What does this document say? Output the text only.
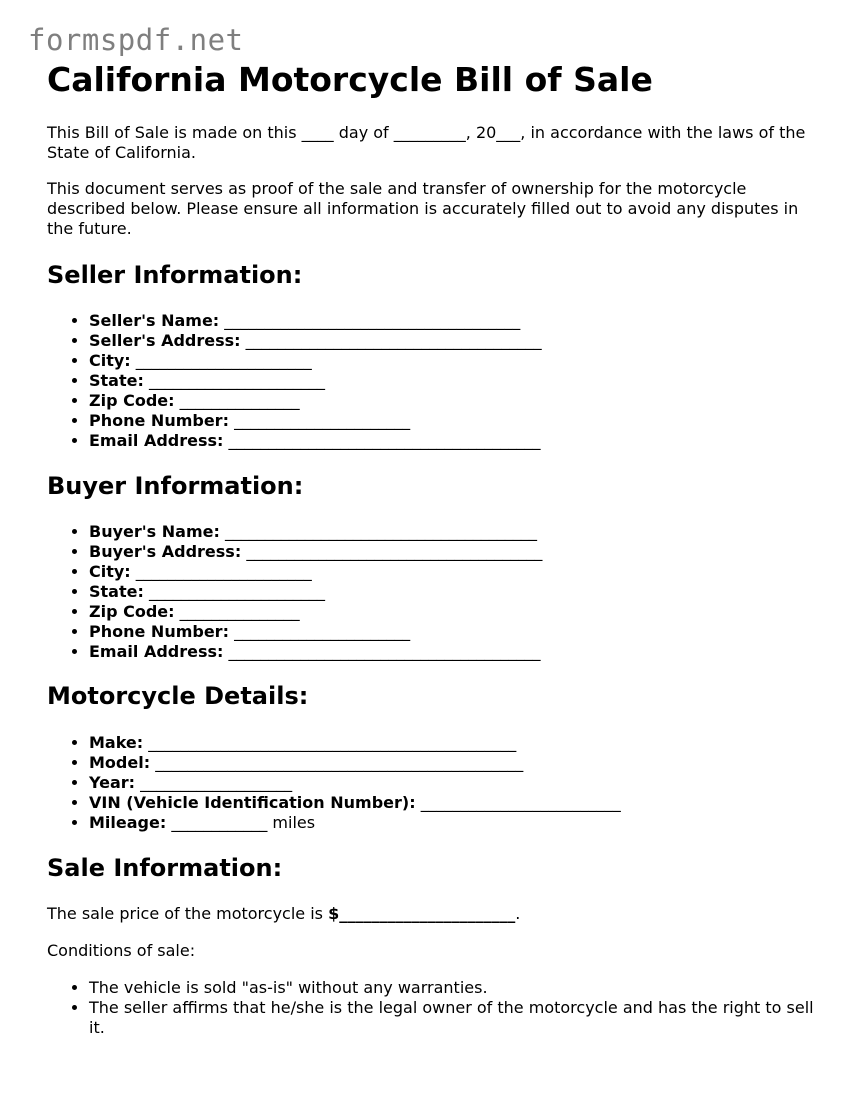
formspdf.net
California Motorcycle Bill of Sale

This Bill of Sale is made on this ____ day of _________, 20___, in accordance with the laws of the State of California.

This document serves as proof of the sale and transfer of ownership for the motorcycle described below. Please ensure all information is accurately filled out to avoid any disputes in the future.

Seller Information:
• Seller's Name: _____________________________________
• Seller's Address: _____________________________________
• City: ______________________
• State: ______________________
• Zip Code: _______________
• Phone Number: ______________________
• Email Address: _______________________________________
Buyer Information:
• Buyer's Name: _______________________________________
• Buyer's Address: _____________________________________
• City: ______________________
• State: ______________________
• Zip Code: _______________
• Phone Number: ______________________
• Email Address: _______________________________________
Motorcycle Details:
• Make: ______________________________________________
• Model: ______________________________________________
• Year: ___________________
• VIN (Vehicle Identification Number): _________________________
• Mileage: ____________ miles
Sale Information:

The sale price of the motorcycle is $______________________.

Conditions of sale:

• The vehicle is sold "as-is" without any warranties.
• The seller affirms that he/she is the legal owner of the motorcycle and has the right to sell it.
